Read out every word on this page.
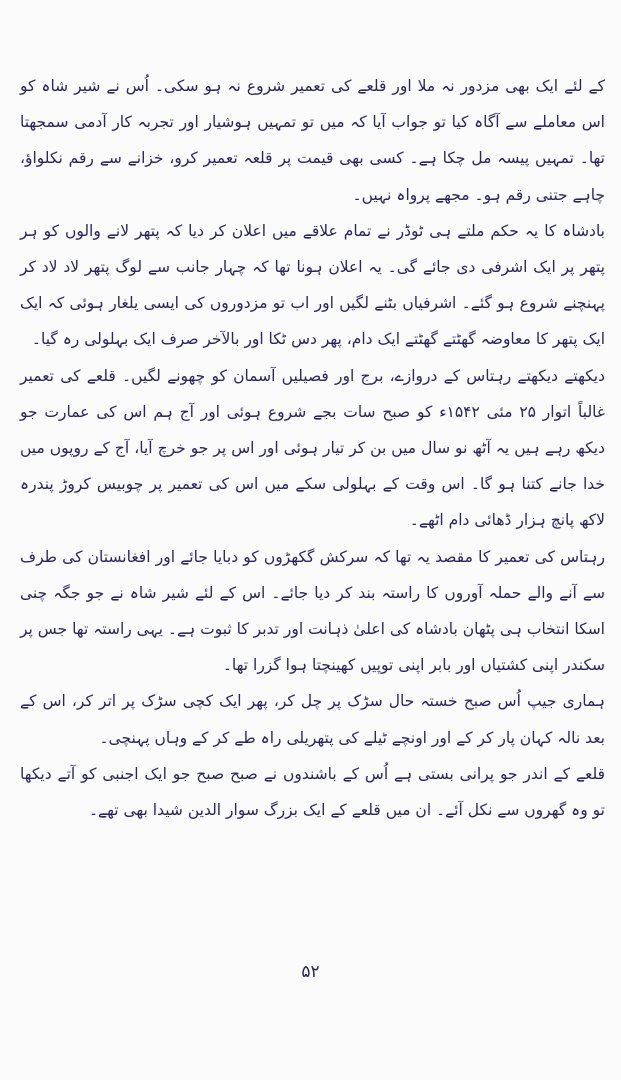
کے لئے ایک بھی مزدور نہ ملا اور قلعے کی تعمیر شروع نہ ہو سکی۔ اُس نے شیر شاہ کو اس معاملے سے آگاہ کیا تو جواب آیا کہ میں تو تمہیں ہوشیار اور تجربہ کار آدمی سمجھتا تھا۔ تمہیں پیسہ مل چکا ہے۔ کسی بھی قیمت پر قلعہ تعمیر کرو، خزانے سے رقم نکلواؤ، چاہے جتنی رقم ہو۔ مجھے پرواہ نہیں۔

بادشاہ کا یہ حکم ملتے ہی ٹوڈر نے تمام علاقے میں اعلان کر دیا کہ پتھر لانے والوں کو ہر پتھر پر ایک اشرفی دی جائے گی۔ یہ اعلان ہونا تھا کہ چہار جانب سے لوگ پتھر لاد لاد کر پہنچنے شروع ہو گئے۔ اشرفیاں بٹنے لگیں اور اب تو مزدوروں کی ایسی یلغار ہوئی کہ ایک ایک پتھر کا معاوضہ گھٹتے گھٹتے ایک دام، پھر دس ٹکا اور بالآخر صرف ایک بہلولی رہ گیا۔

دیکھتے دیکھتے رہتاس کے دروازے، برج اور فصیلیں آسمان کو چھونے لگیں۔ قلعے کی تعمیر غالباً اتوار ۲۵ مئی ۱۵۴۲ء کو صبح سات بجے شروع ہوئی اور آج ہم اس کی عمارت جو دیکھ رہے ہیں یہ آٹھ نو سال میں بن کر تیار ہوئی اور اس پر جو خرچ آیا، آج کے روپوں میں خدا جانے کتنا ہو گا۔ اس وقت کے بہلولی سکے میں اس کی تعمیر پر چوبیس کروڑ پندرہ لاکھ پانچ ہزار ڈھائی دام اٹھے۔

رہتاس کی تعمیر کا مقصد یہ تھا کہ سرکش گکھڑوں کو دبایا جائے اور افغانستان کی طرف سے آنے والے حملہ آوروں کا راستہ بند کر دیا جائے۔ اس کے لئے شیر شاہ نے جو جگہ چنی اسکا انتخاب ہی پٹھان بادشاہ کی اعلیٰ ذہانت اور تدبر کا ثبوت ہے۔ یہی راستہ تھا جس پر سکندر اپنی کشتیاں اور بابر اپنی توپیں کھینچتا ہوا گزرا تھا۔

ہماری جیپ اُس صبح خستہ حال سڑک پر چل کر، پھر ایک کچی سڑک پر اتر کر، اس کے بعد نالہ کہان پار کر کے اور اونچے ٹیلے کی پتھریلی راہ طے کر کے وہاں پہنچی۔

قلعے کے اندر جو پرانی بستی ہے اُس کے باشندوں نے صبح صبح جو ایک اجنبی کو آتے دیکھا تو وہ گھروں سے نکل آئے۔ ان میں قلعے کے ایک بزرگ سوار الدین شیدا بھی تھے۔

۵۲
